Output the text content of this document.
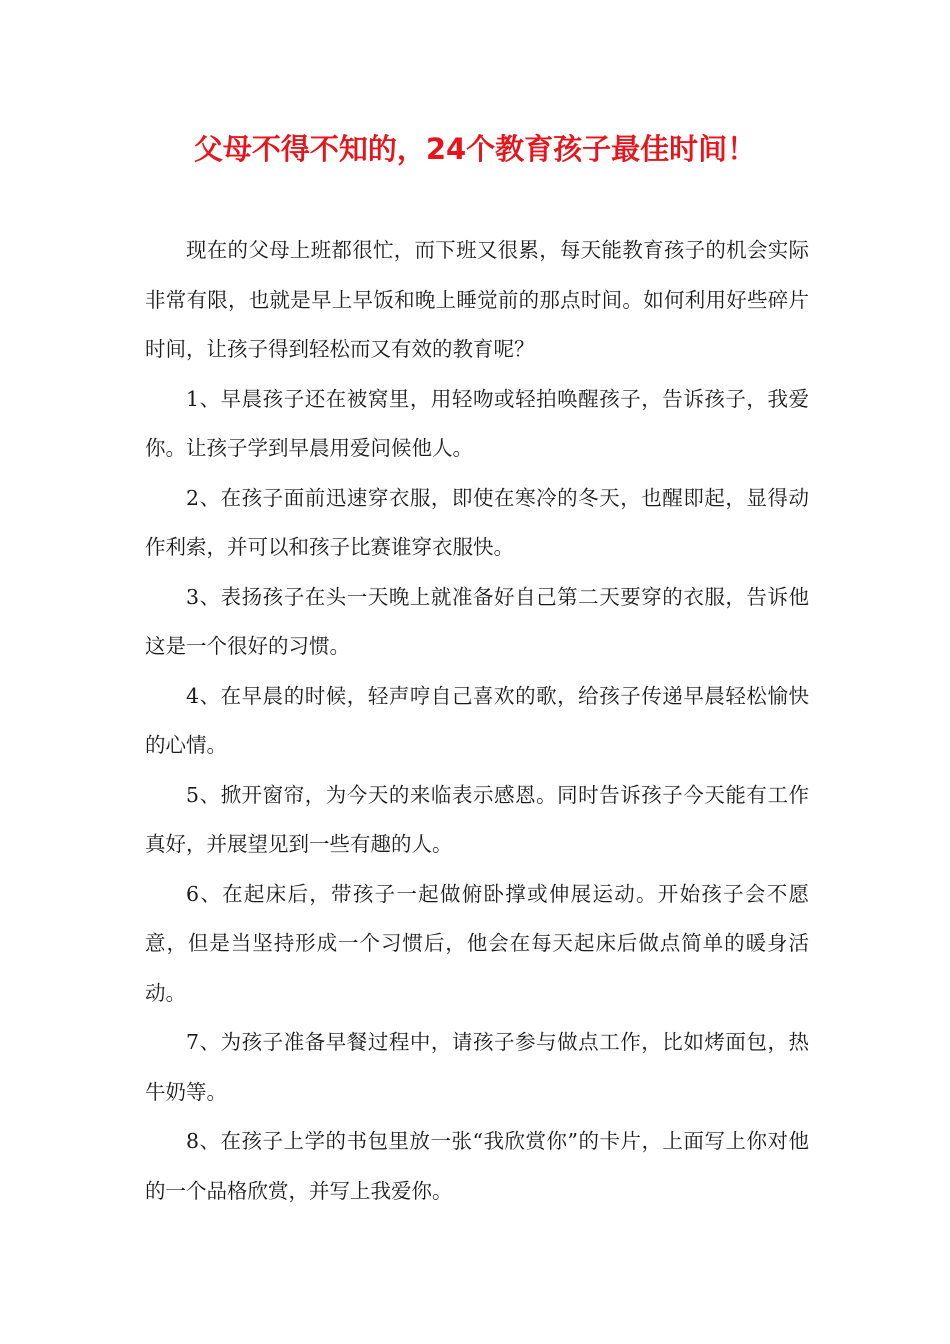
父母不得不知的，24个教育孩子最佳时间！

现在的父母上班都很忙，而下班又很累，每天能教育孩子的机会实际非常有限，也就是早上早饭和晚上睡觉前的那点时间。如何利用好些碎片时间，让孩子得到轻松而又有效的教育呢？

1、早晨孩子还在被窝里，用轻吻或轻拍唤醒孩子，告诉孩子，我爱你。让孩子学到早晨用爱问候他人。

2、在孩子面前迅速穿衣服，即使在寒冷的冬天，也醒即起，显得动作利索，并可以和孩子比赛谁穿衣服快。

3、表扬孩子在头一天晚上就准备好自己第二天要穿的衣服，告诉他这是一个很好的习惯。

4、在早晨的时候，轻声哼自己喜欢的歌，给孩子传递早晨轻松愉快的心情。

5、掀开窗帘，为今天的来临表示感恩。同时告诉孩子今天能有工作真好，并展望见到一些有趣的人。

6、在起床后，带孩子一起做俯卧撑或伸展运动。开始孩子会不愿意，但是当坚持形成一个习惯后，他会在每天起床后做点简单的暖身活动。

7、为孩子准备早餐过程中，请孩子参与做点工作，比如烤面包，热牛奶等。

8、在孩子上学的书包里放一张“我欣赏你”的卡片，上面写上你对他的一个品格欣赏，并写上我爱你。
